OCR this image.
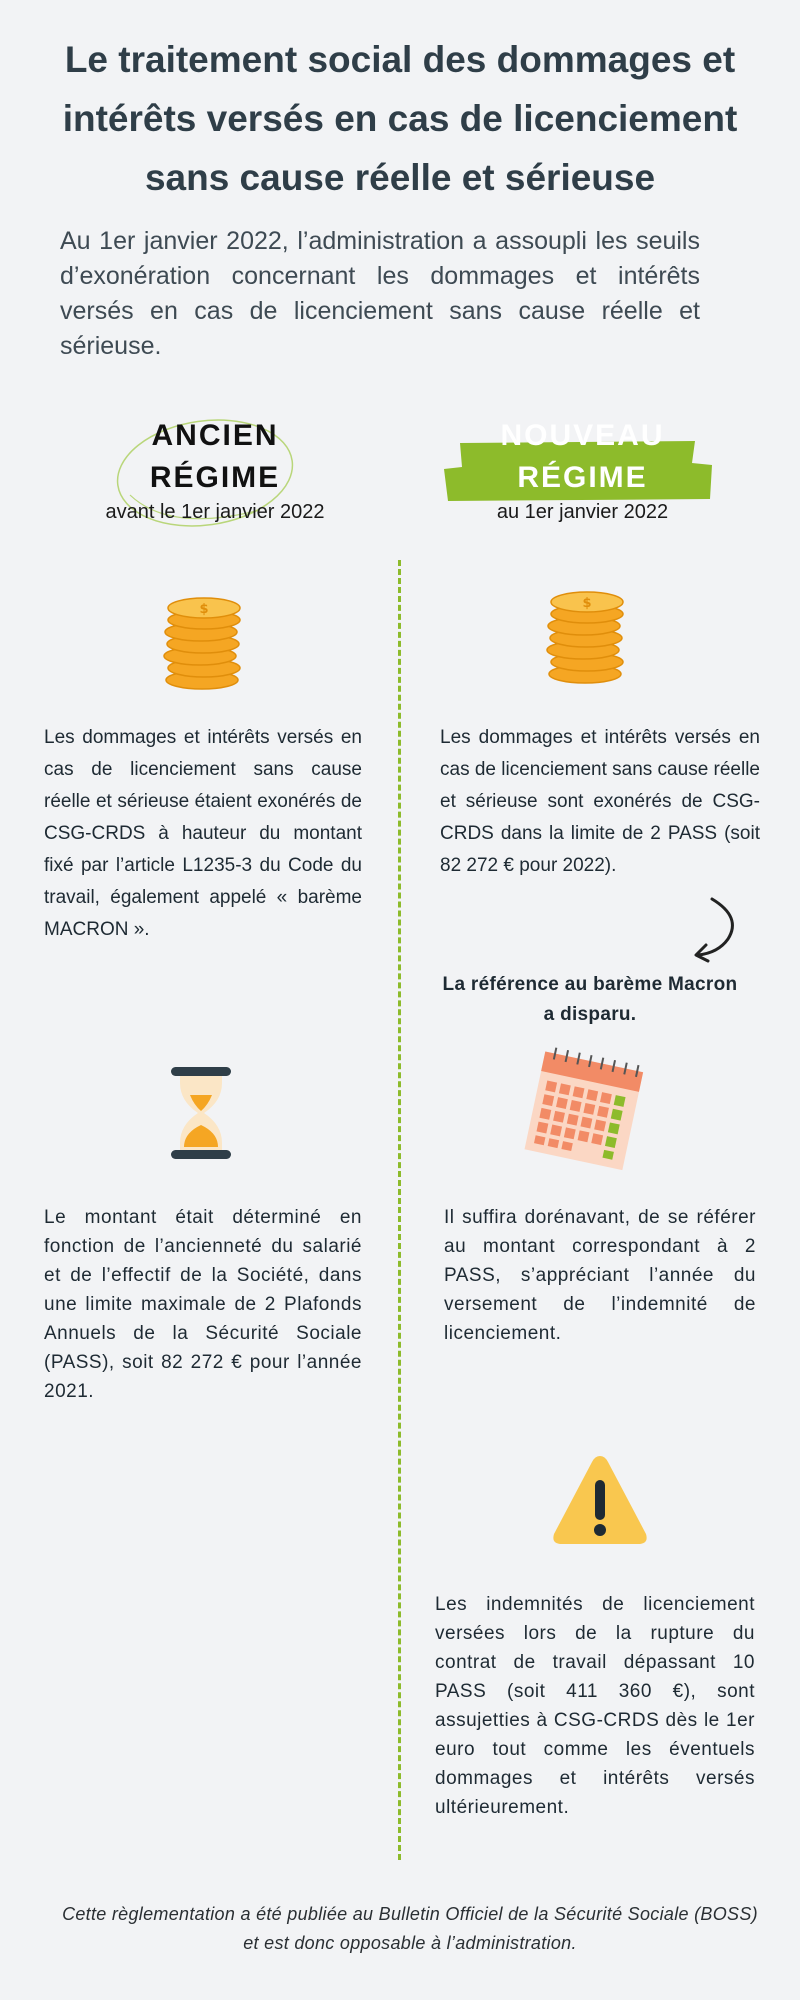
Le traitement social des dommages et intérêts versés en cas de licenciement sans cause réelle et sérieuse

Au 1er janvier 2022, l’administration a assoupli les seuils d’exonération concernant les dommages et intérêts versés en cas de licenciement sans cause réelle et sérieuse.

ANCIEN
RÉGIME
avant le 1er janvier 2022
NOUVEAU
RÉGIME
au 1er janvier 2022
$	$

Les dommages et intérêts versés en cas de licenciement sans cause réelle et sérieuse étaient exonérés de CSG-CRDS à hauteur du montant fixé par l’article L1235-3 du Code du travail, également appelé « barème MACRON ».

Les dommages et intérêts versés en cas de licenciement sans cause réelle et sérieuse sont exonérés de CSG-CRDS dans la limite de 2 PASS (soit 82 272 € pour 2022).

La référence au barème Macron a disparu.

Le montant était déterminé en fonction de l’ancienneté du salarié et de l’effectif de la Société, dans une limite maximale de 2 Plafonds Annuels de la Sécurité Sociale (PASS), soit 82 272 € pour l’année 2021.

Il suffira dorénavant, de se référer au montant correspondant à 2 PASS, s’appréciant l’année du versement de l’indemnité de licenciement.

Les indemnités de licenciement versées lors de la rupture du contrat de travail dépassant 10 PASS (soit 411 360 €), sont assujetties à CSG-CRDS dès le 1er euro tout comme les éventuels dommages et intérêts versés ultérieurement.

Cette règlementation a été publiée au Bulletin Officiel de la Sécurité Sociale (BOSS) et est donc opposable à l’administration.
